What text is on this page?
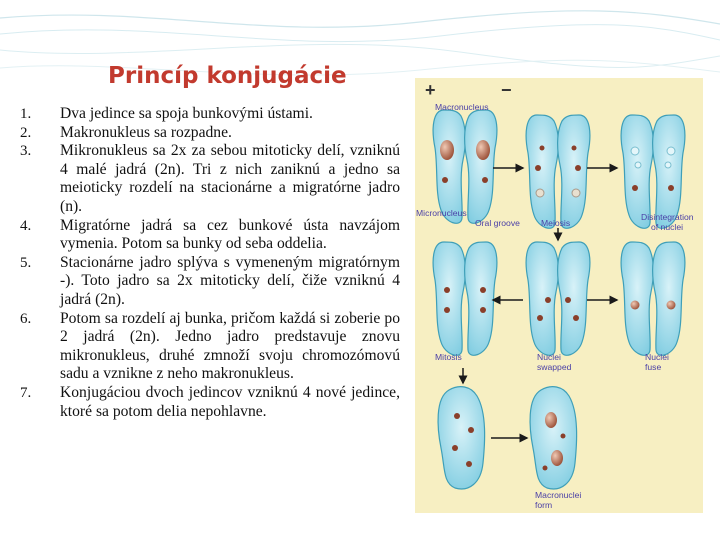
Princíp konjugácie
1.	Dva jedince sa spoja bunkovými ústami.
2.	Makronukleus sa rozpadne.
3.	Mikronukleus sa 2x za sebou mitoticky delí, vzniknú 4 malé jadrá (2n). Tri z nich zaniknú a jedno sa meioticky rozdelí na stacionárne a migratórne jadro (n).
4.	Migratórne jadrá sa cez bunkové ústa navzájom vymenia. Potom sa bunky od seba oddelia.
5.	Stacionárne jadro splýva s vymeneným migratórnym -). Toto jadro sa 2x mitoticky delí, čiže vzniknú 4 jadrá (2n).
6.	Potom sa rozdelí aj bunka, pričom každá si zoberie po 2 jadrá (2n). Jedno jadro predstavuje znovu mikronukleus, druhé zmnoží svoju chromozómovú sadu a vznikne z neho makronukleus.
7.	Konjugáciou dvoch jedincov vzniknú 4 nové jedince, ktoré sa potom delia nepohlavne.
+	−
Macronucleus
Micronucleus
Oral groove Meiosis
Disintegration
of nuclei
Mitosis	Nuclei
swapped
Nuclei
fuse
Macronuclei
form
